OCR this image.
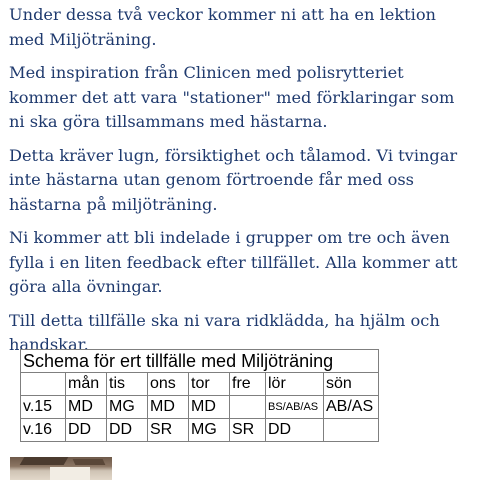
Under dessa två veckor kommer ni att ha en lektion med Miljöträning.

Med inspiration från Clinicen med polisrytteriet kommer det att vara "stationer" med förklaringar som ni ska göra tillsammans med hästarna.

Detta kräver lugn, försiktighet och tålamod. Vi tvingar inte hästarna utan genom förtroende får med oss hästarna på miljöträning.

Ni kommer att bli indelade i grupper om tre och även fylla i en liten feedback efter tillfället. Alla kommer att göra alla övningar.

Till detta tillfälle ska ni vara ridklädda, ha hjälm och handskar.

Schema för ert tillfälle med Miljöträning							
	mån	tis	ons	tor	fre	lör	sön
v.15	MD	MG	MD	MD		BS/AB/AS	AB/AS
v.16	DD	DD	SR	MG	SR	DD	
